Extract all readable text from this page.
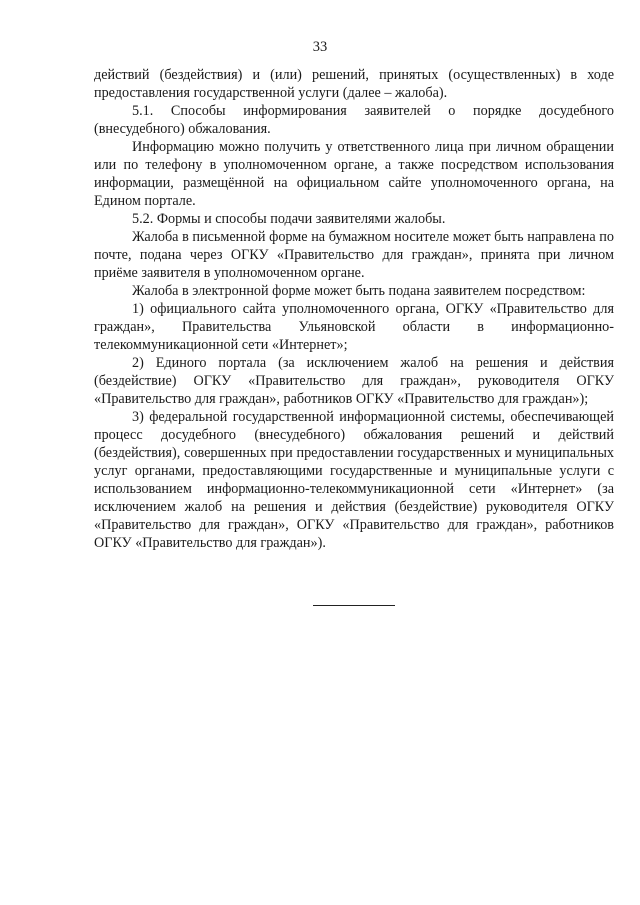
33

действий (бездействия) и (или) решений, принятых (осуществленных) в ходе предоставления государственной услуги (далее – жалоба).

5.1. Способы информирования заявителей о порядке досудебного (внесудебного) обжалования.

Информацию можно получить у ответственного лица при личном обращении или по телефону в уполномоченном органе, а также посредством использования информации, размещённой на официальном сайте уполномоченного органа, на Едином портале.

5.2. Формы и способы подачи заявителями жалобы.

Жалоба в письменной форме на бумажном носителе может быть направлена по почте, подана через ОГКУ «Правительство для граждан», принята при личном приёме заявителя в уполномоченном органе.

Жалоба в электронной форме может быть подана заявителем посредством:

1) официального сайта уполномоченного органа, ОГКУ «Правительство для граждан», Правительства Ульяновской области в информационно-телекоммуникационной сети «Интернет»;

2) Единого портала (за исключением жалоб на решения и действия (бездействие) ОГКУ «Правительство для граждан», руководителя ОГКУ «Правительство для граждан», работников ОГКУ «Правительство для граждан»);

3) федеральной государственной информационной системы, обеспечивающей процесс досудебного (внесудебного) обжалования решений и действий (бездействия), совершенных при предоставлении государственных и муниципальных услуг органами, предоставляющими государственные и муниципальные услуги с использованием информационно-телекоммуникационной сети «Интернет» (за исключением жалоб на решения и действия (бездействие) руководителя ОГКУ «Правительство для граждан», ОГКУ «Правительство для граждан», работников ОГКУ «Правительство для граждан»).
